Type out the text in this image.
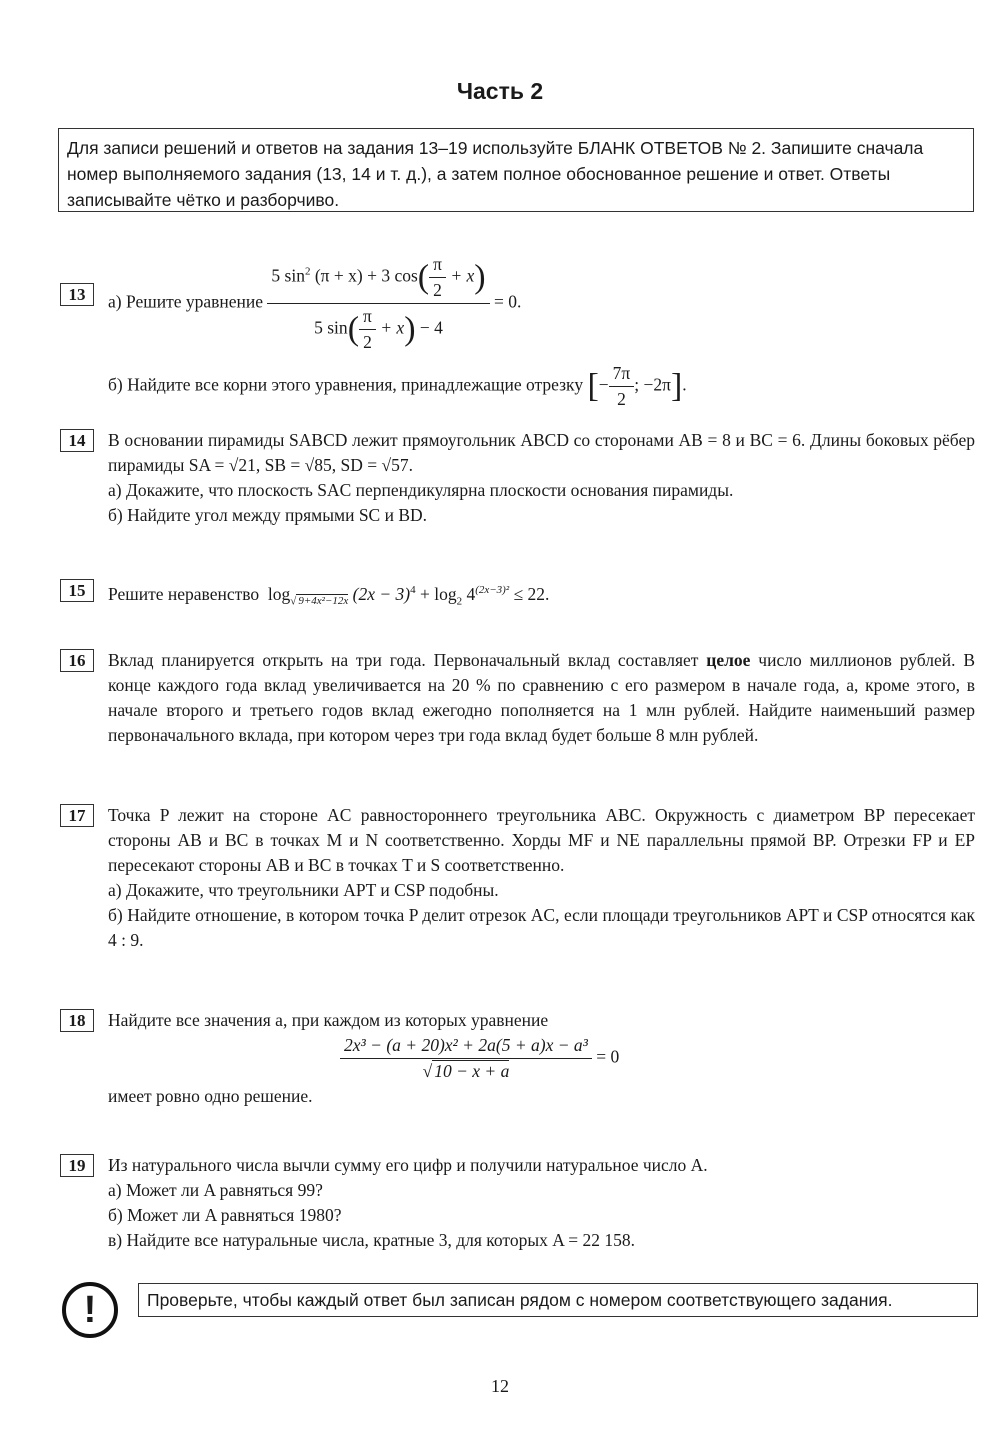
Часть 2
Для записи решений и ответов на задания 13–19 используйте БЛАНК ОТВЕТОВ № 2. Запишите сначала номер выполняемого задания (13, 14 и т. д.), а затем полное обоснованное решение и ответ. Ответы записывайте чётко и разборчиво.
13	а) Решите уравнение $\frac{5 \sin^2 (\pi + x) + 3 \cos( \frac{\pi}{2} + x)}{5 \sin( \frac{\pi}{2} + x) - 4} = 0$.
б) Найдите все корни этого уравнения, принадлежащие отрезку [− $\frac{7\pi}{2}$ ; −2π].
14	В основании пирамиды SABCD лежит прямоугольник ABCD со сторонами AB = 8 и BC = 6. Длины боковых рёбер пирамиды SA = √21, SB = √85, SD = √57.
а) Докажите, что плоскость SAC перпендикулярна плоскости основания пирамиды.
б) Найдите угол между прямыми SC и BD.
15	Решите неравенство $\log_{√ 9+4x^2-12x} (2x - 3)^4 + \log_2 4^{(2x-3)^2} \le 22$.
16	Вклад планируется открыть на три года. Первоначальный вклад составляет целое число миллионов рублей. В конце каждого года вклад увеличивается на 20 % по сравнению с его размером в начале года, а, кроме этого, в начале второго и третьего годов вклад ежегодно пополняется на 1 млн рублей. Найдите наименьший размер первоначального вклада, при котором через три года вклад будет больше 8 млн рублей.
17	Точка P лежит на стороне AC равностороннего треугольника ABC. Окружность с диаметром BP пересекает стороны AB и BC в точках M и N соответственно. Хорды MF и NE параллельны прямой BP. Отрезки FP и EP пересекают стороны AB и BC в точках T и S соответственно.
а) Докажите, что треугольники APT и CSP подобны.
б) Найдите отношение, в котором точка P делит отрезок AC, если площади треугольников APT и CSP относятся как 4 : 9.
18	Найдите все значения a, при каждом из которых уравнение
$\frac{\text{2x³ − (a + 20)x² + 2a(5 + a)x − a³}}{√ 10 - x + a} = 0$
имеет ровно одно решение.
19	Из натурального числа вычли сумму его цифр и получили натуральное число A.
а) Может ли A равняться 99?
б) Может ли A равняться 1980?
в) Найдите все натуральные числа, кратные 3, для которых A = 22 158.
!	Проверьте, чтобы каждый ответ был записан рядом с номером соответствующего задания.
12
